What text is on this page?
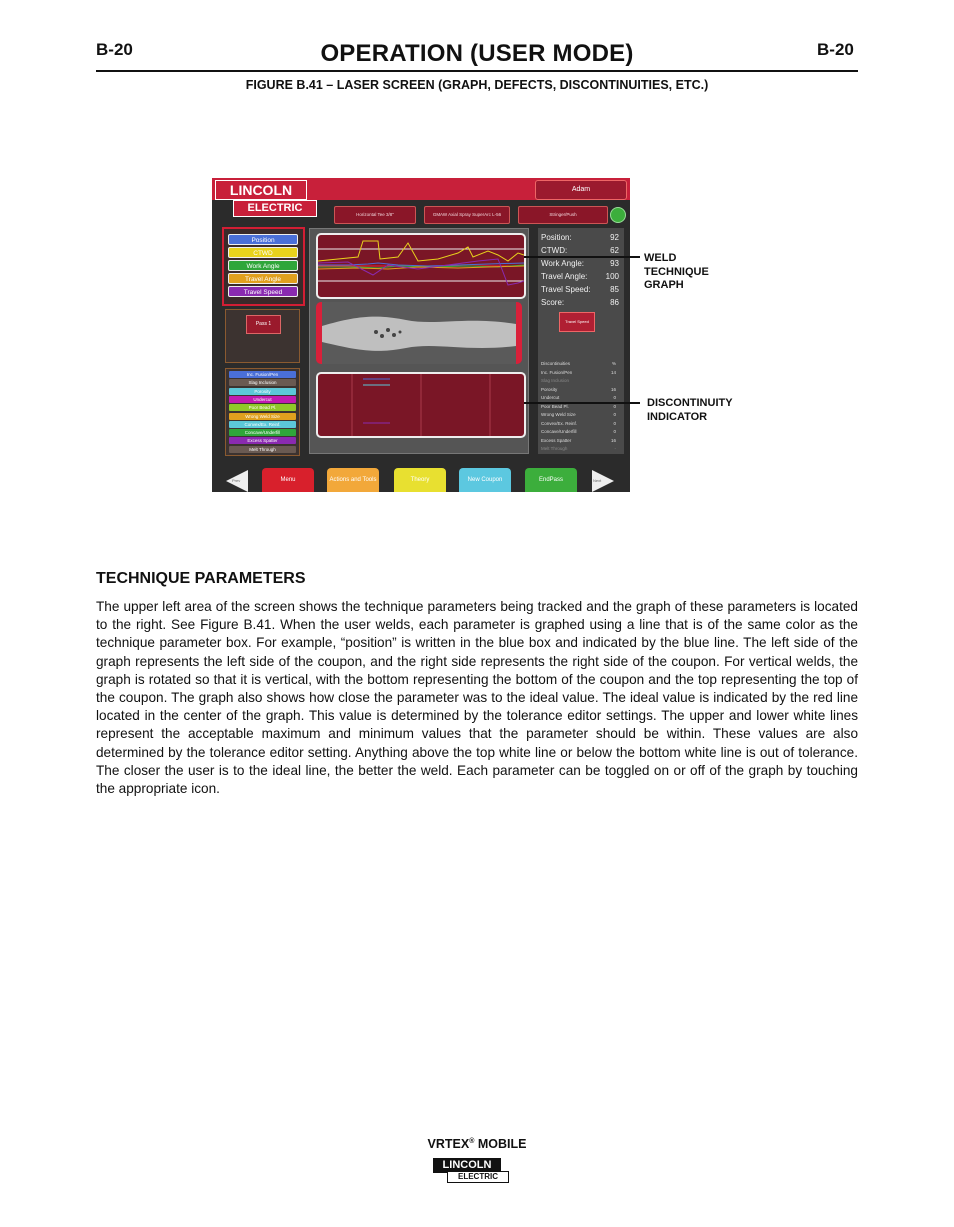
B-20	OPERATION (USER MODE)	B-20
FIGURE B.41 – LASER SCREEN (GRAPH, DEFECTS, DISCONTINUITIES, ETC.)
LINCOLN
ELECTRIC
Adam
Horizontal Tee 3/8"	GMAW Axial Spray SuperArc L-56	Stringer/Push
Position
CTWD
Work Angle
Travel Angle
Travel Speed
Pass 1
Inc. Fusion/Pen
Slag Inclusion
Porosity
Undercut
Poor Bead Pl.
Wrong Weld Size
Convex/Ex. Reinf.
Concave/Underfill
Excess Spatter
Melt Through
Position:	92
CTWD:	62
Work Angle:	93
Travel Angle: 100
Travel Speed: 85
Score:	86
Travel Speed
Discontinuities	%
Inc. Fusion/Pen	14
Slag Inclusion
Porosity	16
Undercut	0
Poor Bead Pl.	0
Wrong Weld Size	0
Convex/Ex. Reinf.	0
Concave/Underfill	0
Excess Spatter	16
Melt Through	-
Prev	Menu	Actions and Tools	Theory	New Coupon	EndPass	Next
WELD
TECHNIQUE
GRAPH
DISCONTINUITY
INDICATOR
TECHNIQUE PARAMETERS
The upper left area of the screen shows the technique parameters being tracked and the graph of these parameters is located to the right. See Figure B.41. When the user welds, each parameter is graphed using a line that is of the same color as the technique parameter box. For example, “position” is written in the blue box and indicated by the blue line. The left side of the graph represents the left side of the coupon, and the right side represents the right side of the coupon. For vertical welds, the graph is rotated so that it is vertical, with the bottom representing the bottom of the coupon and the top representing the top of the coupon. The graph also shows how close the parameter was to the ideal value. The ideal value is indicated by the red line located in the center of the graph. This value is determined by the tolerance editor settings. The upper and lower white lines represent the acceptable maximum and minimum values that the parameter should be within. These values are also determined by the tolerance editor setting. Anything above the top white line or below the bottom white line is out of tolerance. The closer the user is to the ideal line, the better the weld. Each parameter can be toggled on or off of the graph by touching the appropriate icon.
VRTEX® MOBILE
LINCOLN
ELECTRIC
